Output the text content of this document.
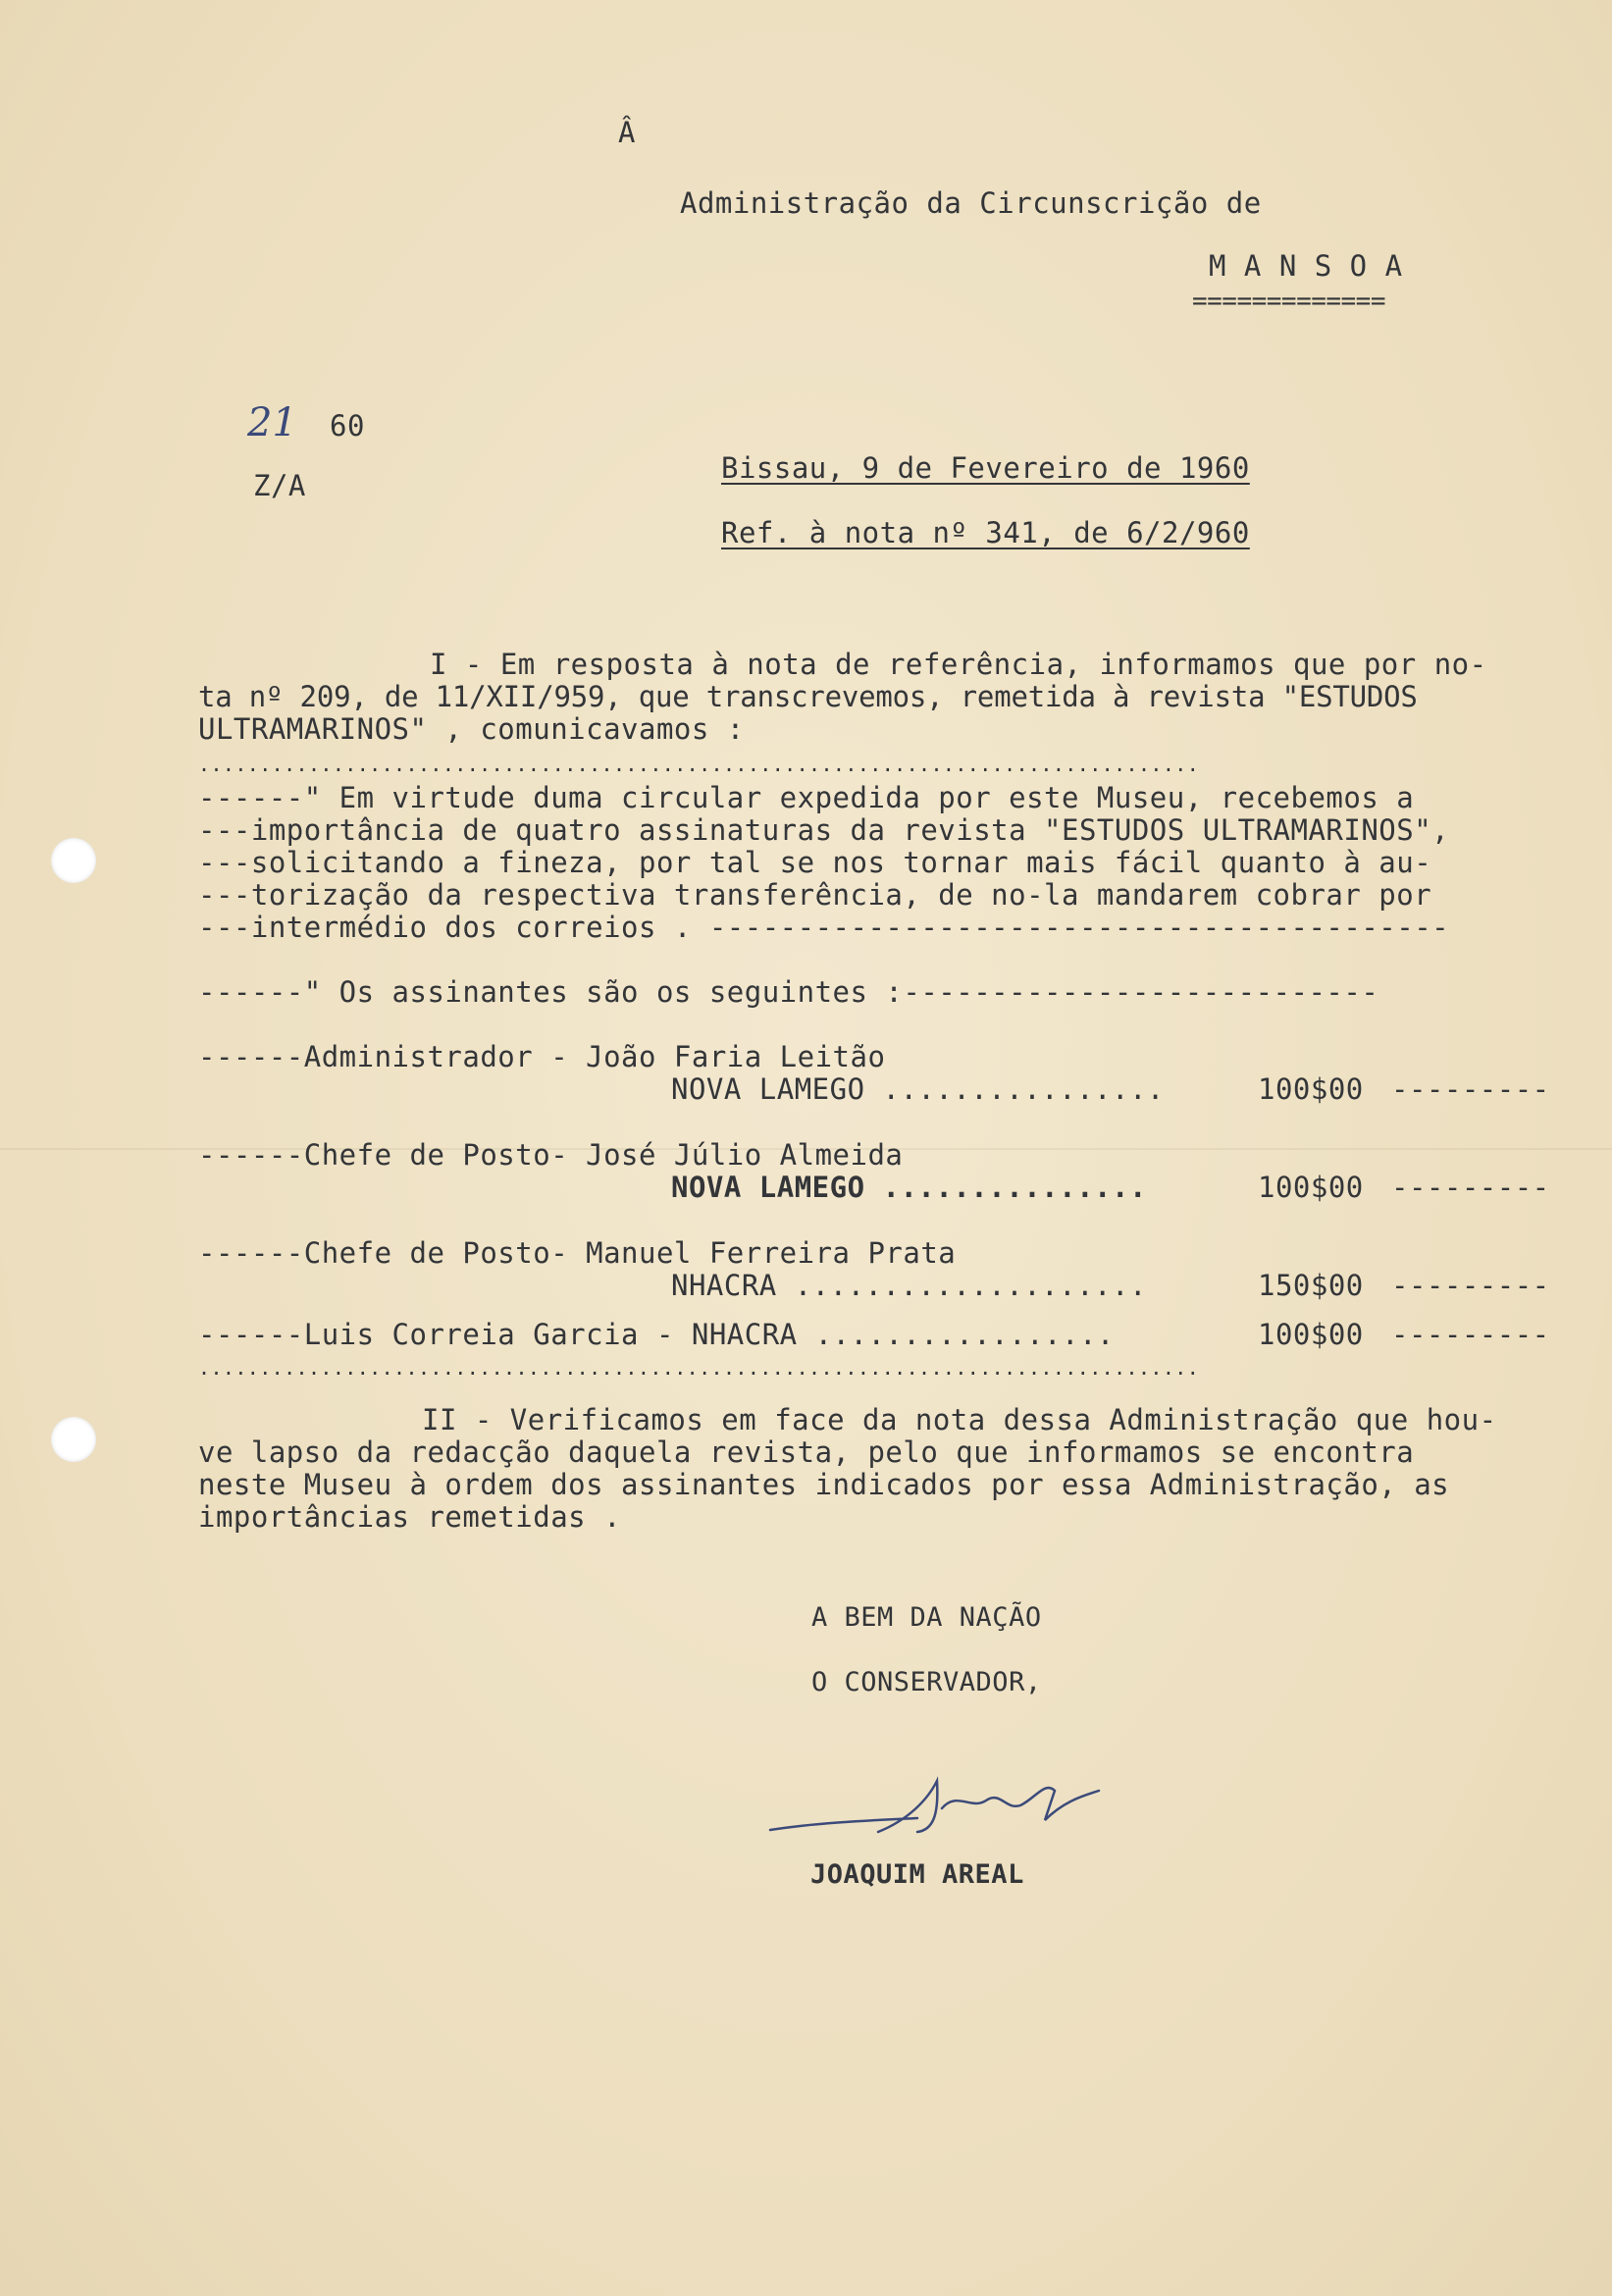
Â
Administração da Circunscrição de
M A N S O A
=============
21 60
Z/A
Bissau, 9 de Fevereiro de 1960
Ref. à nota nº 341, de 6/2/960
I - Em resposta à nota de referência, informamos que por no-
ta nº 209, de 11/XII/959, que transcrevemos, remetida à revista "ESTUDOS
ULTRAMARINOS" , comunicavamos :
..................................................................................
------" Em virtude duma circular expedida por este Museu, recebemos a
---importância de quatro assinaturas da revista "ESTUDOS ULTRAMARINOS",
---solicitando a fineza, por tal se nos tornar mais fácil quanto à au-
---torização da respectiva transferência, de no-la mandarem cobrar por
---intermédio dos correios . ------------------------------------------
------" Os assinantes são os seguintes :---------------------------
------Administrador - João Faria Leitão
NOVA LAMEGO ................	100$00 ---------
------Chefe de Posto- José Júlio Almeida
NOVA LAMEGO ...............	100$00 ---------
------Chefe de Posto- Manuel Ferreira Prata
NHACRA ....................	150$00 ---------
------Luis Correia Garcia - NHACRA .................	100$00 ---------
..................................................................................
II - Verificamos em face da nota dessa Administração que hou-
ve lapso da redacção daquela revista, pelo que informamos se encontra
neste Museu à ordem dos assinantes indicados por essa Administração, as
importâncias remetidas .
A BEM DA NAÇÃO
O CONSERVADOR,
JOAQUIM AREAL
